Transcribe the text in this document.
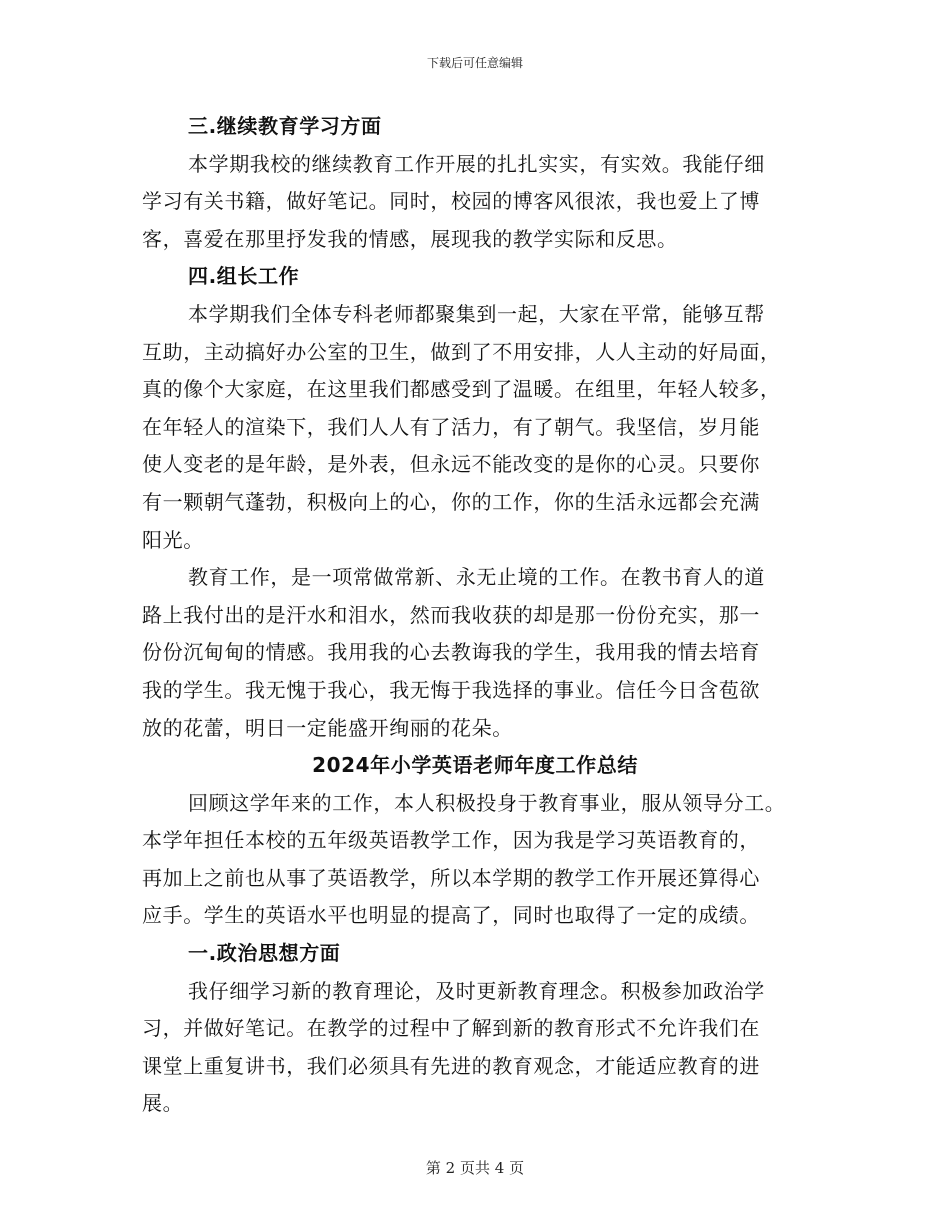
下载后可任意编辑

三.继续教育学习方面

本学期我校的继续教育工作开展的扎扎实实，有实效。我能仔细
学习有关书籍，做好笔记。同时，校园的博客风很浓，我也爱上了博
客，喜爱在那里抒发我的情感，展现我的教学实际和反思。

四.组长工作

本学期我们全体专科老师都聚集到一起，大家在平常，能够互帮
互助，主动搞好办公室的卫生，做到了不用安排，人人主动的好局面，
真的像个大家庭，在这里我们都感受到了温暖。在组里，年轻人较多，
在年轻人的渲染下，我们人人有了活力，有了朝气。我坚信，岁月能
使人变老的是年龄，是外表，但永远不能改变的是你的心灵。只要你
有一颗朝气蓬勃，积极向上的心，你的工作，你的生活永远都会充满
阳光。

教育工作，是一项常做常新、永无止境的工作。在教书育人的道
路上我付出的是汗水和泪水，然而我收获的却是那一份份充实，那一
份份沉甸甸的情感。我用我的心去教诲我的学生，我用我的情去培育
我的学生。我无愧于我心，我无悔于我选择的事业。信任今日含苞欲
放的花蕾，明日一定能盛开绚丽的花朵。

2024年小学英语老师年度工作总结

回顾这学年来的工作，本人积极投身于教育事业，服从领导分工。
本学年担任本校的五年级英语教学工作，因为我是学习英语教育的，
再加上之前也从事了英语教学，所以本学期的教学工作开展还算得心
应手。学生的英语水平也明显的提高了，同时也取得了一定的成绩。

一.政治思想方面

我仔细学习新的教育理论，及时更新教育理念。积极参加政治学
习，并做好笔记。在教学的过程中了解到新的教育形式不允许我们在
课堂上重复讲书，我们必须具有先进的教育观念，才能适应教育的进
展。

第 2 页共 4 页
